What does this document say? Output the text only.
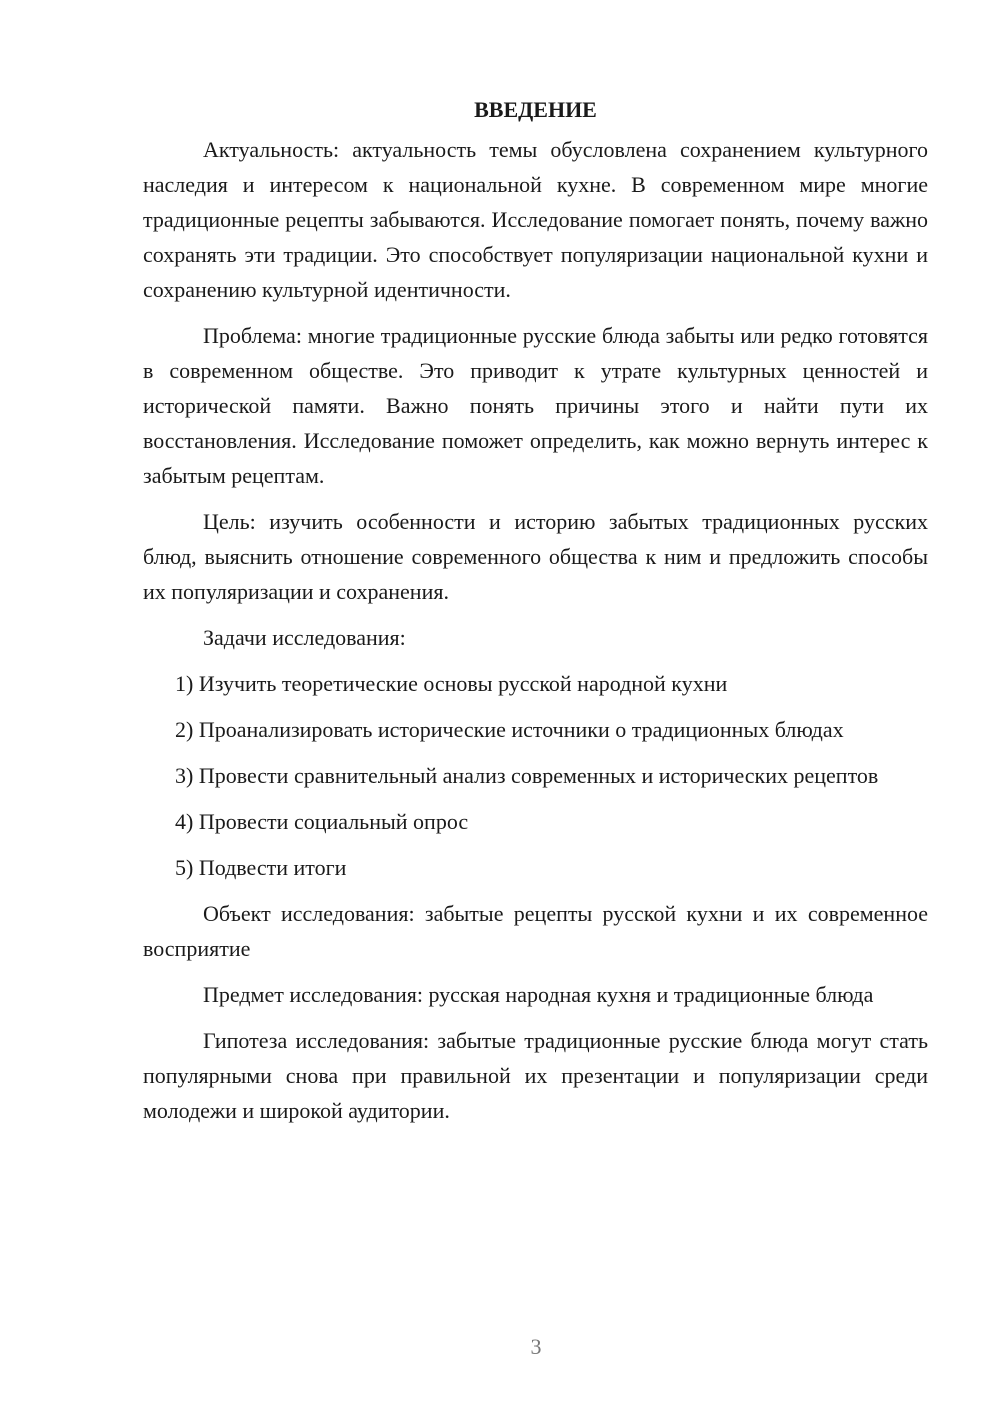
ВВЕДЕНИЕ

Актуальность: актуальность темы обусловлена сохранением культурного наследия и интересом к национальной кухне. В современном мире многие традиционные рецепты забываются. Исследование помогает понять, почему важно сохранять эти традиции. Это способствует популяризации национальной кухни и сохранению культурной идентичности.

Проблема: многие традиционные русские блюда забыты или редко готовятся в современном обществе. Это приводит к утрате культурных ценностей и исторической памяти. Важно понять причины этого и найти пути их восстановления. Исследование поможет определить, как можно вернуть интерес к забытым рецептам.

Цель: изучить особенности и историю забытых традиционных русских блюд, выяснить отношение современного общества к ним и предложить способы их популяризации и сохранения.

Задачи исследования:

1) Изучить теоретические основы русской народной кухни

2) Проанализировать исторические источники о традиционных блюдах

3) Провести сравнительный анализ современных и исторических рецептов

4) Провести социальный опрос

5) Подвести итоги

Объект исследования: забытые рецепты русской кухни и их современное восприятие

Предмет исследования: русская народная кухня и традиционные блюда

Гипотеза исследования: забытые традиционные русские блюда могут стать популярными снова при правильной их презентации и популяризации среди молодежи и широкой аудитории.

3
